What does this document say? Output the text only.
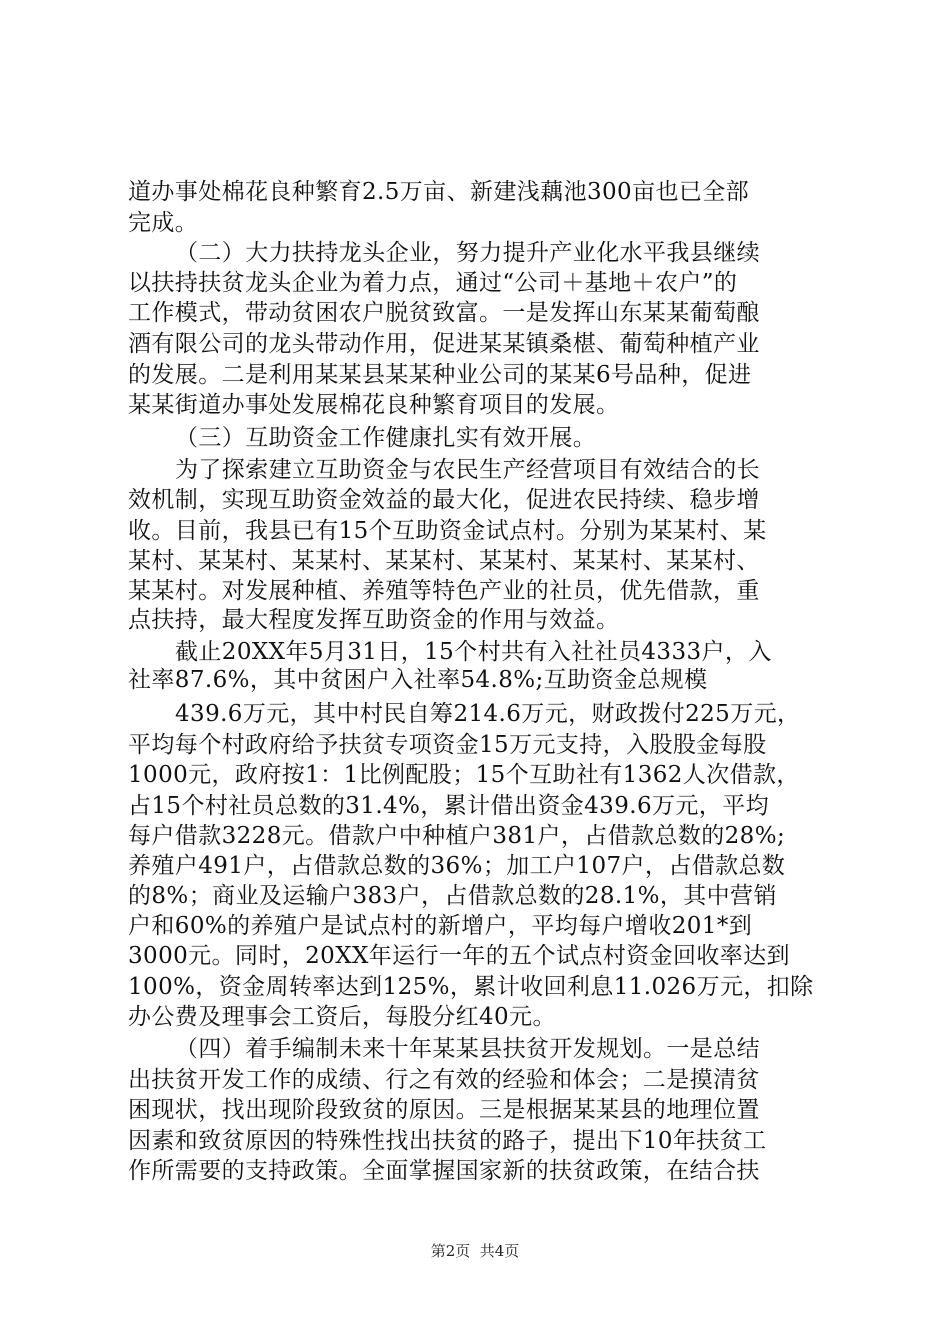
道办事处棉花良种繁育2.5万亩、新建浅藕池300亩也已全部
完成。
（二）大力扶持龙头企业，努力提升产业化水平我县继续
以扶持扶贫龙头企业为着力点，通过“公司＋基地＋农户”的
工作模式，带动贫困农户脱贫致富。一是发挥山东某某葡萄酿
酒有限公司的龙头带动作用，促进某某镇桑椹、葡萄种植产业
的发展。二是利用某某县某某种业公司的某某6号品种，促进
某某街道办事处发展棉花良种繁育项目的发展。
（三）互助资金工作健康扎实有效开展。
为了探索建立互助资金与农民生产经营项目有效结合的长
效机制，实现互助资金效益的最大化，促进农民持续、稳步增
收。目前，我县已有15个互助资金试点村。分别为某某村、某
某村、某某村、某某村、某某村、某某村、某某村、某某村、
某某村。对发展种植、养殖等特色产业的社员，优先借款，重
点扶持，最大程度发挥互助资金的作用与效益。
截止20XX年5月31日，15个村共有入社社员4333户，入
社率87.6%，其中贫困户入社率54.8%;互助资金总规模
439.6万元，其中村民自筹214.6万元，财政拨付225万元，
平均每个村政府给予扶贫专项资金15万元支持，入股股金每股
1000元，政府按1：1比例配股；15个互助社有1362人次借款，
占15个村社员总数的31.4%，累计借出资金439.6万元，平均
每户借款3228元。借款户中种植户381户，占借款总数的28%;
养殖户491户，占借款总数的36%；加工户107户，占借款总数
的8%；商业及运输户383户，占借款总数的28.1%，其中营销
户和60%的养殖户是试点村的新增户，平均每户增收201*到
3000元。同时，20XX年运行一年的五个试点村资金回收率达到
100%，资金周转率达到125%，累计收回利息11.026万元，扣除
办公费及理事会工资后，每股分红40元。
（四）着手编制未来十年某某县扶贫开发规划。一是总结
出扶贫开发工作的成绩、行之有效的经验和体会；二是摸清贫
困现状，找出现阶段致贫的原因。三是根据某某县的地理位置
因素和致贫原因的特殊性找出扶贫的路子，提出下10年扶贫工
作所需要的支持政策。全面掌握国家新的扶贫政策，在结合扶
第2页  共4页
